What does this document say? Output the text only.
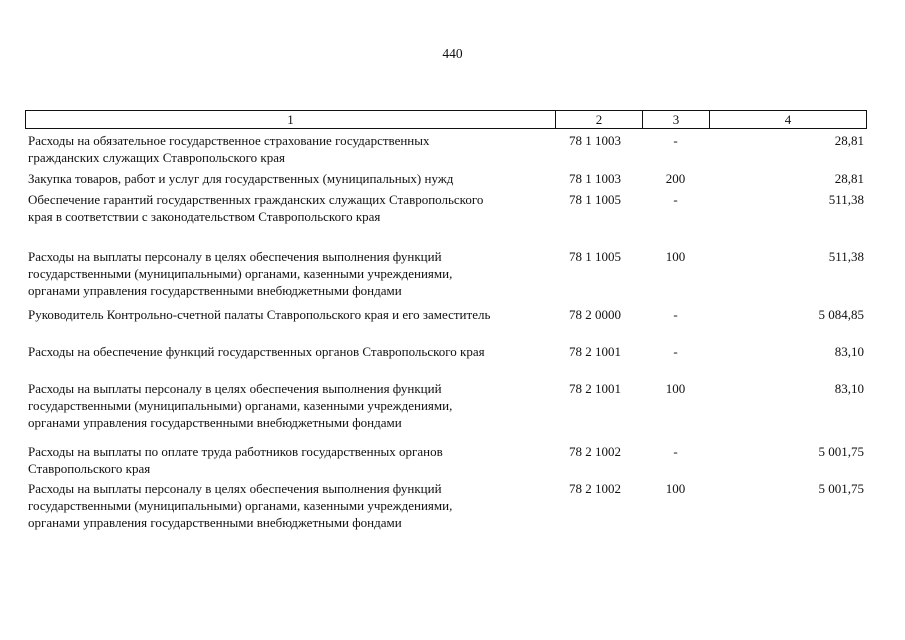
440
1	2	3	4
Расходы на обязательное государственное страхование государственных
гражданских служащих Ставропольского края
78 1 1003	-	28,81
Закупка товаров, работ и услуг для государственных (муниципальных) нужд	78 1 1003	200	28,81
Обеспечение гарантий государственных гражданских служащих Ставропольского
края в соответствии с законодательством Ставропольского края
78 1 1005	-	511,38
Расходы на выплаты персоналу в целях обеспечения выполнения функций
государственными (муниципальными) органами, казенными учреждениями,
органами управления государственными внебюджетными фондами
78 1 1005	100	511,38
Руководитель Контрольно-счетной палаты Ставропольского края и его заместитель	78 2 0000	-	5 084,85
Расходы на обеспечение функций государственных органов Ставропольского края	78 2 1001	-	83,10
Расходы на выплаты персоналу в целях обеспечения выполнения функций
государственными (муниципальными) органами, казенными учреждениями,
органами управления государственными внебюджетными фондами
78 2 1001	100	83,10
Расходы на выплаты по оплате труда работников государственных органов
Ставропольского края
78 2 1002	-	5 001,75
Расходы на выплаты персоналу в целях обеспечения выполнения функций
государственными (муниципальными) органами, казенными учреждениями,
органами управления государственными внебюджетными фондами
78 2 1002	100	5 001,75
